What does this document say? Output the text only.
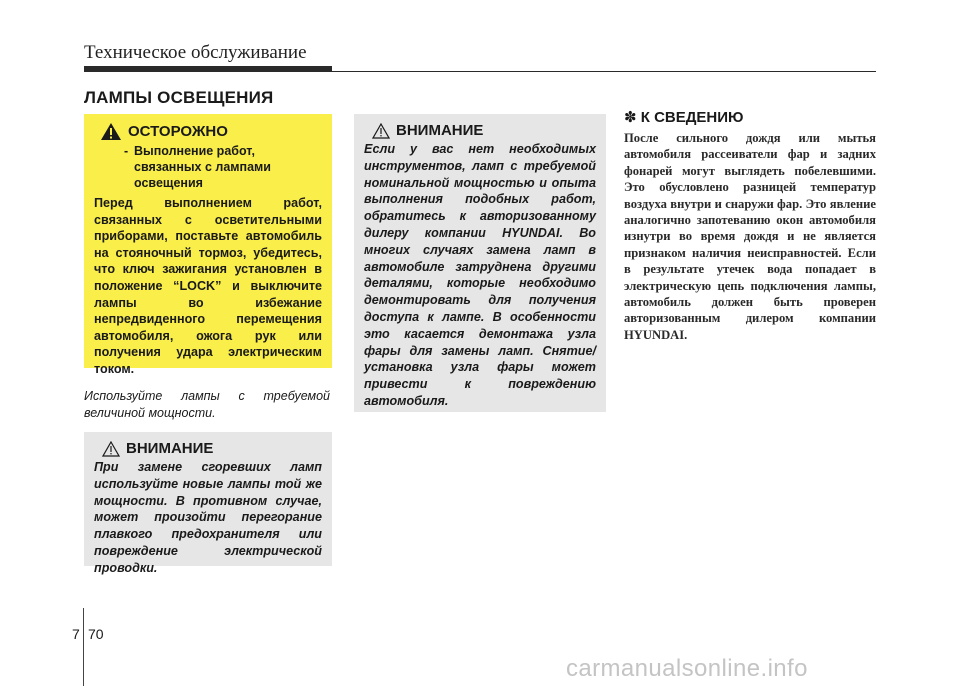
Техническое обслуживание
ЛАМПЫ ОСВЕЩЕНИЯ
ОСТОРОЖНО
- Выполнение работ, связанных с лампами освещения
Перед выполнением работ, связанных с осветительными приборами, поставьте автомобиль на стояночный тормоз, убедитесь, что ключ зажигания установлен в положение “LOCK” и выключите лампы во избежание непредвиденного перемещения автомобиля, ожога рук или получения удара электрическим током.
Используйте лампы с требуемой величиной мощности.
ВНИМАНИЕ
При замене сгоревших ламп используйте новые лампы той же мощности. В противном случае, может произойти перегорание плавкого предохранителя или повреждение электрической проводки.
ВНИМАНИЕ
Если у вас нет необходимых инструментов, ламп с требуемой номинальной мощностью и опыта выполнения подобных работ, обратитесь к авторизованному дилеру компании HYUNDAI. Во многих случаях замена ламп в автомобиле затруднена другими деталями, которые необходимо демонтировать для получения доступа к лампе. В особенности это касается демонтажа узла фары для замены ламп. Снятие/установка узла фары может привести к повреждению автомобиля.
✽ К СВЕДЕНИЮ
После сильного дождя или мытья автомобиля рассеиватели фар и задних фонарей могут выглядеть побелевшими. Это обусловлено разницей температур воздуха внутри и снаружи фар. Это явление аналогично запотеванию окон автомобиля изнутри во время дождя и не является признаком наличия неисправностей. Если в результате утечек вода попадает в электрическую цепь подключения лампы, автомобиль должен быть проверен авторизованным дилером компании HYUNDAI.
7 70
carmanualsonline.info
